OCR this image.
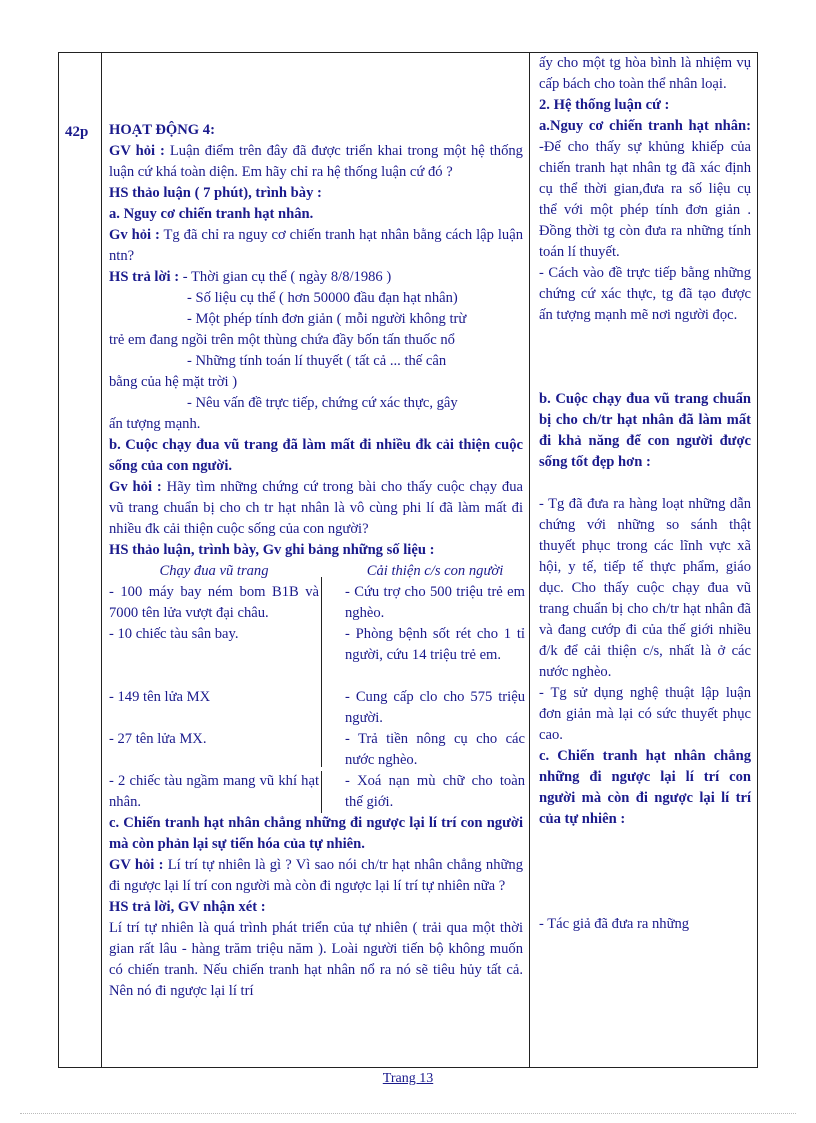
42p HOẠT ĐỘNG 4:

GV hỏi : Luận điểm trên đây đã được triển khai trong một hệ thống luận cứ khá toàn diện. Em hãy chỉ ra hệ thống luận cứ đó ?

HS thảo luận ( 7 phút), trình bày :

a. Nguy cơ chiến tranh hạt nhân.

Gv hỏi : Tg đã chỉ ra nguy cơ chiến tranh hạt nhân bằng cách lập luận ntn?

HS trả lời : - Thời gian cụ thể ( ngày 8/8/1986 )

- Số liệu cụ thể ( hơn 50000 đầu đạn hạt nhân)

- Một phép tính đơn giản ( mỗi người không trừ

trẻ em đang ngồi trên một thùng chứa đầy bốn tấn thuốc nổ

- Những tính toán lí thuyết ( tất cả ... thế cân

bằng của hệ mặt trời )

- Nêu vấn đề trực tiếp, chứng cứ xác thực, gây

ấn tượng mạnh.

b. Cuộc chạy đua vũ trang đã làm mất đi nhiều đk cải thiện cuộc sống của con người.

Gv hỏi : Hãy tìm những chứng cứ trong bài cho thấy cuộc chạy đua vũ trang chuẩn bị cho ch tr hạt nhân là vô cùng phi lí đã làm mất đi nhiều đk cải thiện cuộc sống của con người?

HS thảo luận, trình bày, Gv ghi bảng những số liệu :

Chạy đua vũ trang
- 100 máy bay ném bom B1B và 7000 tên lửa vượt đại châu.
- 10 chiếc tàu sân bay.
- 149 tên lửa MX
- 27 tên lửa MX.
Cải thiện c/s con người
- Cứu trợ cho 500 triệu trẻ em nghèo.
- Phòng bệnh sốt rét cho 1 tỉ người, cứu 14 triệu trẻ em.
- Cung cấp clo cho 575 triệu người.
- Trả tiền nông cụ cho các nước nghèo.
- 2 chiếc tàu ngầm mang vũ khí hạt nhân.
- Xoá nạn mù chữ cho toàn thế giới.

c. Chiến tranh hạt nhân chẳng những đi ngược lại lí trí con người mà còn phản lại sự tiến hóa của tự nhiên.

GV hỏi : Lí trí tự nhiên là gì ? Vì sao nói ch/tr hạt nhân chẳng những đi ngược lại lí trí con người mà còn đi ngược lại lí trí tự nhiên nữa ?

HS trả lời, GV nhận xét :

Lí trí tự nhiên là quá trình phát triển của tự nhiên ( trải qua một thời gian rất lâu - hàng trăm triệu năm ). Loài người tiến bộ không muốn có chiến tranh. Nếu chiến tranh hạt nhân nổ ra nó sẽ tiêu hủy tất cả. Nên nó đi ngược lại lí trí

ấy cho một tg hòa bình là nhiệm vụ cấp bách cho toàn thể nhân loại.

2. Hệ thống luận cứ :

a.Nguy cơ chiến tranh hạt nhân: -Để cho thấy sự khủng khiếp của chiến tranh hạt nhân tg đã xác định cụ thể thời gian,đưa ra số liệu cụ thể với một phép tính đơn giản . Đồng thời tg còn đưa ra những tính toán lí thuyết.

- Cách vào đề trực tiếp bằng những chứng cứ xác thực, tg đã tạo được ấn tượng mạnh mẽ nơi người đọc.

b. Cuộc chạy đua vũ trang chuẩn bị cho ch/tr hạt nhân đã làm mất đi khả năng để con người được sống tốt đẹp hơn :

- Tg đã đưa ra hàng loạt những dẫn chứng với những so sánh thật thuyết phục trong các lĩnh vực xã hội, y tế, tiếp tế thực phẩm, giáo dục. Cho thấy cuộc chạy đua vũ trang chuẩn bị cho ch/tr hạt nhân đã và đang cướp đi của thế giới nhiều đ/k để cải thiện c/s, nhất là ở các nước nghèo.

- Tg sử dụng nghệ thuật lập luận đơn giản mà lại có sức thuyết phục cao.

c. Chiến tranh hạt nhân chẳng những đi ngược lại lí trí con người mà còn đi ngược lại lí trí của tự nhiên :

- Tác giả đã đưa ra những

Trang 13
